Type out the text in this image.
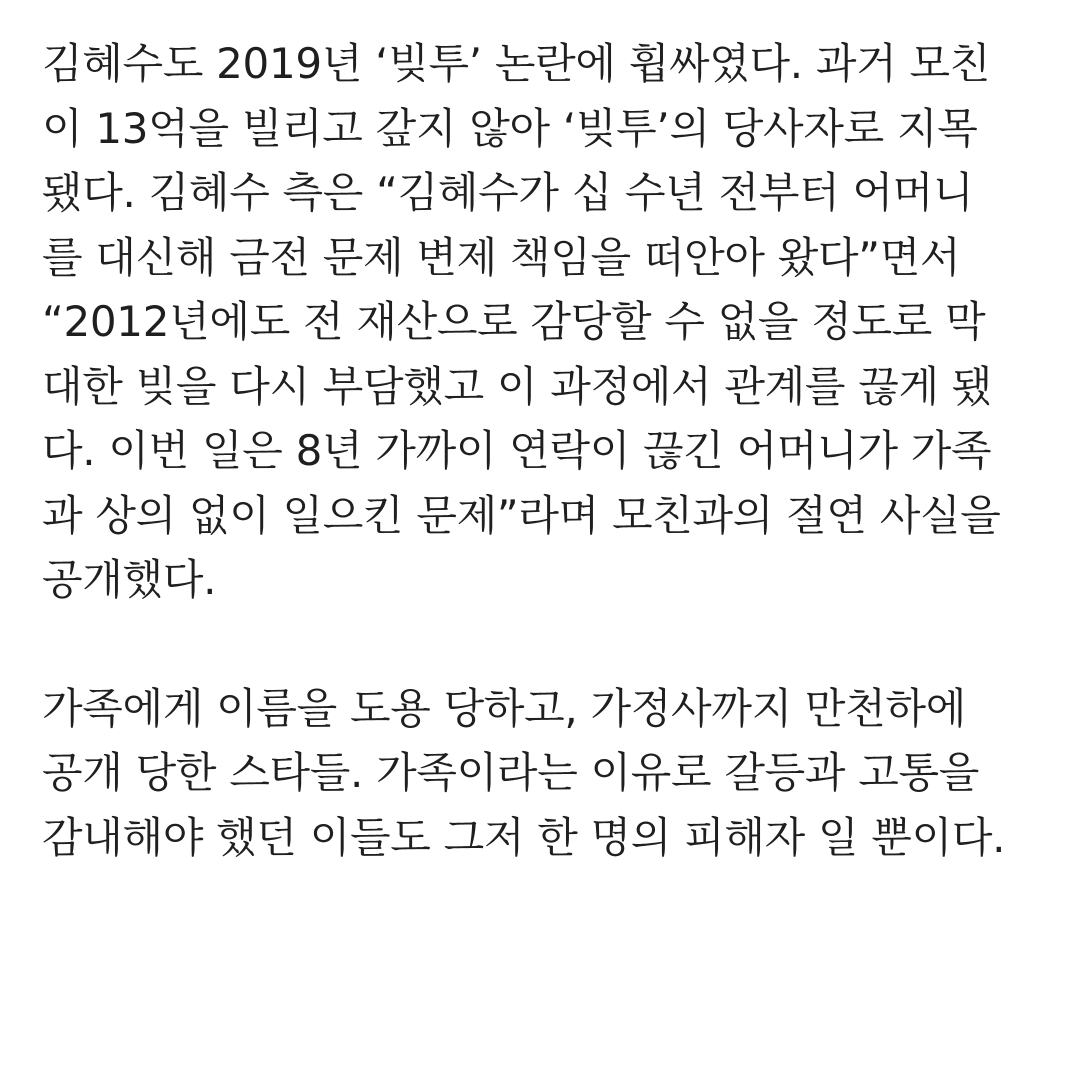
김혜수도 2019년 ‘빚투’ 논란에 휩싸였다. 과거 모친
이 13억을 빌리고 갚지 않아 ‘빚투’의 당사자로 지목
됐다. 김혜수 측은 “김혜수가 십 수년 전부터 어머니
를 대신해 금전 문제 변제 책임을 떠안아 왔다”면서
“2012년에도 전 재산으로 감당할 수 없을 정도로 막
대한 빚을 다시 부담했고 이 과정에서 관계를 끊게 됐
다. 이번 일은 8년 가까이 연락이 끊긴 어머니가 가족
과 상의 없이 일으킨 문제”라며 모친과의 절연 사실을
공개했다.

가족에게 이름을 도용 당하고, 가정사까지 만천하에
공개 당한 스타들. 가족이라는 이유로 갈등과 고통을
감내해야 했던 이들도 그저 한 명의 피해자 일 뿐이다.
